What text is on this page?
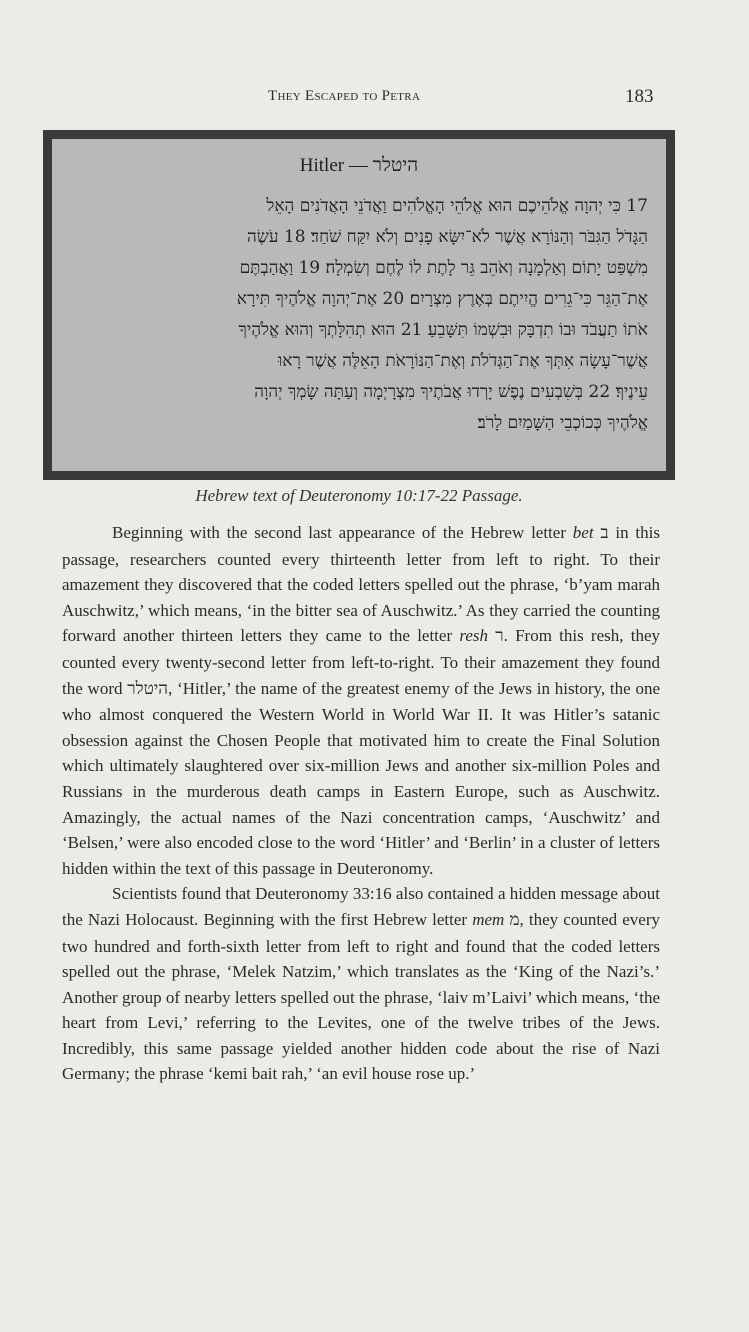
They Escaped to Petra	183
Hitler — היטלר
17 כִּי יְהוָה אֱלֹהֵיכֶם הוּא אֱלֹהֵי הָאֱלֹהִים וַאֲדֹנֵי הָאֲדֹנִים הָאֵל
הַגָּדֹל הַגִּבֹּר וְהַנּוֹרָא אֲשֶׁר לֹא־יִשָּׂא פָנִים וְלֹא יִקַּח שֹׁחַד׃ 18 עֹשֶׂה
מִשְׁפַּט יָתוֹם וְאַלְמָנָה וְאֹהֵב גֵּר לָתֶת לוֹ לֶחֶם וְשִׂמְלָה׃ 19 וַאֲהַבְתֶּם
אֶת־הַגֵּר כִּי־גֵרִים הֱיִיתֶם בְּאֶרֶץ מִצְרָיִם׃ 20 אֶת־יְהוָה אֱלֹהֶיךָ תִּירָא
אֹתוֹ תַעֲבֹד וּבוֹ תִדְבָּק וּבִשְׁמוֹ תִּשָּׁבֵעַ׃ 21 הוּא תְהִלָּתְךָ וְהוּא אֱלֹהֶיךָ
אֲשֶׁר־עָשָׂה אִתְּךָ אֶת־הַגְּדֹלֹת וְאֶת־הַנּוֹרָאֹת הָאֵלֶּה אֲשֶׁר רָאוּ
עֵינֶיךָ׃ 22 בְּשִׁבְעִים נֶפֶשׁ יָרְדוּ אֲבֹתֶיךָ מִצְרָיְמָה וְעַתָּה שָׂמְךָ יְהוָה
אֱלֹהֶיךָ כְּכוֹכְבֵי הַשָּׁמַיִם לָרֹב׃
Hebrew text of Deuteronomy 10:17-22 Passage.

Beginning with the second last appearance of the Hebrew letter bet ב in this passage, researchers counted every thirteenth letter from left to right. To their amazement they discovered that the coded letters spelled out the phrase, ‘b’yam marah Auschwitz,’ which means, ‘in the bitter sea of Auschwitz.’ As they carried the counting forward another thirteen letters they came to the letter resh ר. From this resh, they counted every twenty-second letter from left-to-right. To their amazement they found the word היטלר, ‘Hitler,’ the name of the greatest enemy of the Jews in history, the one who almost conquered the Western World in World War II. It was Hitler’s satanic obsession against the Chosen People that motivated him to create the Final Solution which ultimately slaughtered over six-million Jews and another six-million Poles and Russians in the murderous death camps in Eastern Europe, such as Auschwitz. Amazingly, the actual names of the Nazi concentration camps, ‘Auschwitz’ and ‘Belsen,’ were also encoded close to the word ‘Hitler’ and ‘Berlin’ in a cluster of letters hidden within the text of this passage in Deuteronomy.

Scientists found that Deuteronomy 33:16 also contained a hidden message about the Nazi Holocaust. Beginning with the first Hebrew letter mem מ, they counted every two hundred and forth-sixth letter from left to right and found that the coded letters spelled out the phrase, ‘Melek Natzim,’ which translates as the ‘King of the Nazi’s.’ Another group of nearby letters spelled out the phrase, ‘laiv m’Laivi’ which means, ‘the heart from Levi,’ referring to the Levites, one of the twelve tribes of the Jews. Incredibly, this same passage yielded another hidden code about the rise of Nazi Germany; the phrase ‘kemi bait rah,’ ‘an evil house rose up.’
